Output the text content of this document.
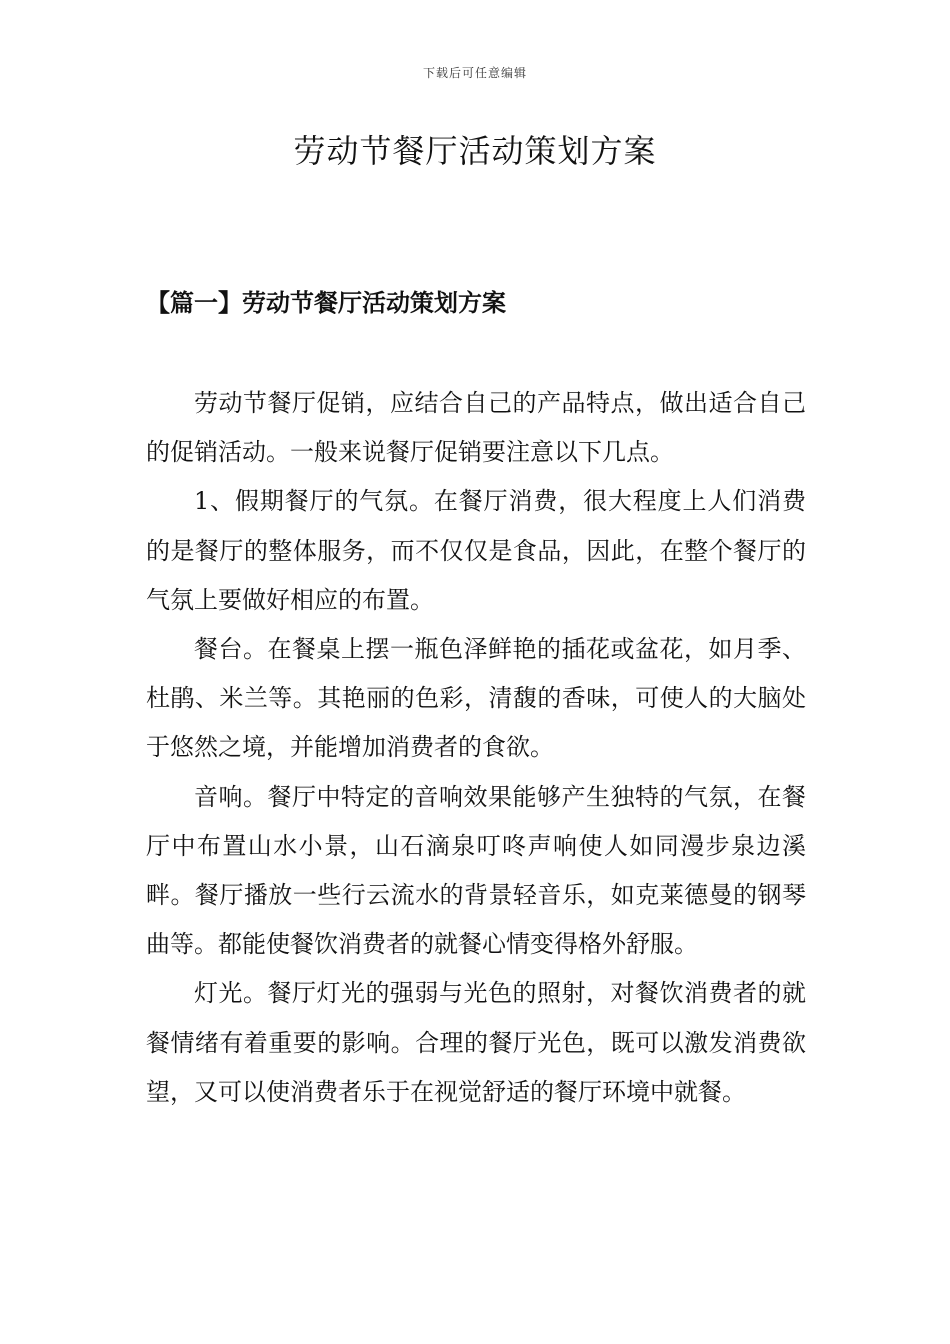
下载后可任意编辑
劳动节餐厅活动策划方案
【篇一】劳动节餐厅活动策划方案

劳动节餐厅促销，应结合自己的产品特点，做出适合自己的促销活动。一般来说餐厅促销要注意以下几点。

1、假期餐厅的气氛。在餐厅消费，很大程度上人们消费的是餐厅的整体服务，而不仅仅是食品，因此，在整个餐厅的气氛上要做好相应的布置。

餐台。在餐桌上摆一瓶色泽鲜艳的插花或盆花，如月季、杜鹃、米兰等。其艳丽的色彩，清馥的香味，可使人的大脑处于悠然之境，并能增加消费者的食欲。

音响。餐厅中特定的音响效果能够产生独特的气氛，在餐厅中布置山水小景，山石滴泉叮咚声响使人如同漫步泉边溪畔。餐厅播放一些行云流水的背景轻音乐，如克莱德曼的钢琴曲等。都能使餐饮消费者的就餐心情变得格外舒服。

灯光。餐厅灯光的强弱与光色的照射，对餐饮消费者的就餐情绪有着重要的影响。合理的餐厅光色，既可以激发消费欲望，又可以使消费者乐于在视觉舒适的餐厅环境中就餐。
